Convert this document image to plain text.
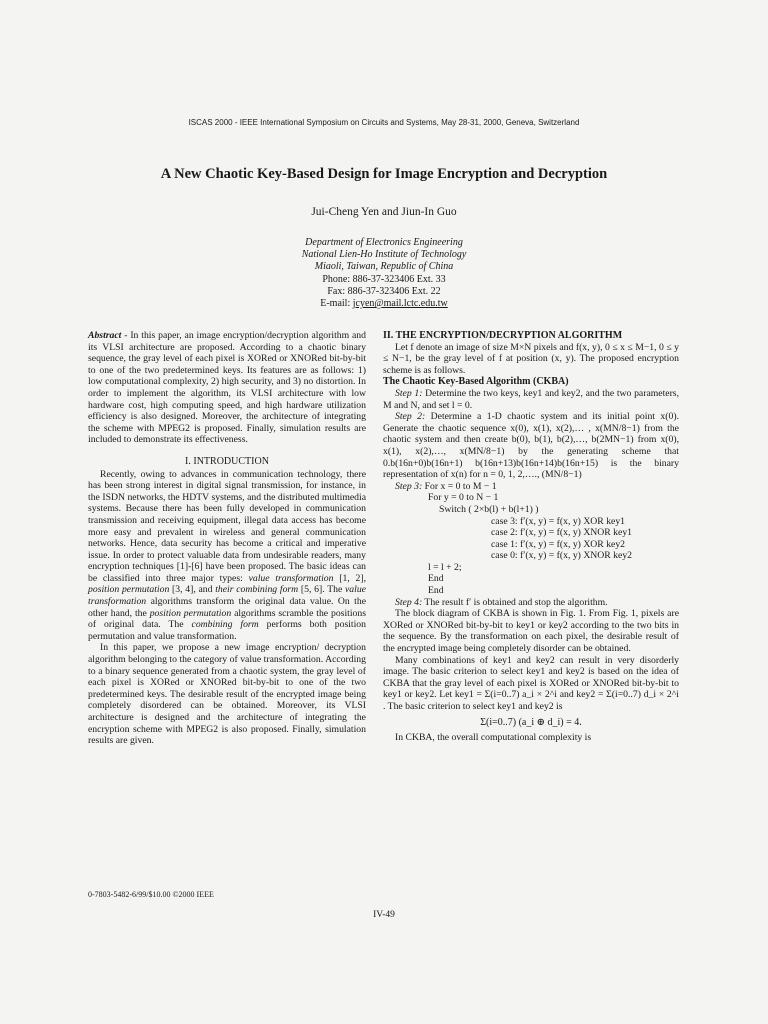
ISCAS 2000 - IEEE International Symposium on Circuits and Systems, May 28-31, 2000, Geneva, Switzerland
A New Chaotic Key-Based Design for Image Encryption and Decryption
Jui-Cheng Yen and Jiun-In Guo
Department of Electronics Engineering
National Lien-Ho Institute of Technology
Miaoli, Taiwan, Republic of China
Phone: 886-37-323406 Ext. 33
Fax: 886-37-323406 Ext. 22
E-mail: jcyen@mail.lctc.edu.tw

Abstract - In this paper, an image encryption/decryption algorithm and its VLSI architecture are proposed. According to a chaotic binary sequence, the gray level of each pixel is XORed or XNORed bit-by-bit to one of the two predetermined keys. Its features are as follows: 1) low computational complexity, 2) high security, and 3) no distortion. In order to implement the algorithm, its VLSI architecture with low hardware cost, high computing speed, and high hardware utilization efficiency is also designed. Moreover, the architecture of integrating the scheme with MPEG2 is proposed. Finally, simulation results are included to demonstrate its effectiveness.

I. INTRODUCTION

Recently, owing to advances in communication technology, there has been strong interest in digital signal transmission, for instance, in the ISDN networks, the HDTV systems, and the distributed multimedia systems. Because there has been fully developed in communication transmission and receiving equipment, illegal data access has become more easy and prevalent in wireless and general communication networks. Hence, data security has become a critical and imperative issue. In order to protect valuable data from undesirable readers, many encryption techniques [1]-[6] have been proposed. The basic ideas can be classified into three major types: value transformation [1, 2], position permutation [3, 4], and their combining form [5, 6]. The value transformation algorithms transform the original data value. On the other hand, the position permutation algorithms scramble the positions of original data. The combining form performs both position permutation and value transformation.

In this paper, we propose a new image encryption/ decryption algorithm belonging to the category of value transformation. According to a binary sequence generated from a chaotic system, the gray level of each pixel is XORed or XNORed bit-by-bit to one of the two predetermined keys. The desirable result of the encrypted image being completely disordered can be obtained. Moreover, its VLSI architecture is designed and the architecture of integrating the encryption scheme with MPEG2 is also proposed. Finally, simulation results are given.

II. THE ENCRYPTION/DECRYPTION ALGORITHM

Let f denote an image of size M×N pixels and f(x, y), 0 ≤ x ≤ M−1, 0 ≤ y ≤ N−1, be the gray level of f at position (x, y). The proposed encryption scheme is as follows.

The Chaotic Key-Based Algorithm (CKBA)

Step 1: Determine the two keys, key1 and key2, and the two parameters, M and N, and set l = 0.

Step 2: Determine a 1-D chaotic system and its initial point x(0). Generate the chaotic sequence x(0), x(1), x(2),… , x(MN/8−1) from the chaotic system and then create b(0), b(1), b(2),…, b(2MN−1) from x(0), x(1), x(2),…, x(MN/8−1) by the generating scheme that 0.b(16n+0)b(16n+1) b(16n+13)b(16n+14)b(16n+15) is the binary representation of x(n) for n = 0, 1, 2,…., (MN/8−1)

Step 3: For x = 0 to M − 1
For y = 0 to N − 1
Switch ( 2×b(l) + b(l+1) )
case 3: f′(x, y) = f(x, y) XOR key1
case 2: f′(x, y) = f(x, y) XNOR key1
case 1: f′(x, y) = f(x, y) XOR key2
case 0: f′(x, y) = f(x, y) XNOR key2
l = l + 2;
End
End

Step 4: The result f′ is obtained and stop the algorithm.

The block diagram of CKBA is shown in Fig. 1. From Fig. 1, pixels are XORed or XNORed bit-by-bit to key1 or key2 according to the two bits in the sequence. By the transformation on each pixel, the desirable result of the encrypted image being completely disorder can be obtained.

Many combinations of key1 and key2 can result in very disorderly image. The basic criterion to select key1 and key2 is based on the idea of CKBA that the gray level of each pixel is XORed or XNORed bit-by-bit to key1 or key2. Let key1 = Σ(i=0..7) a_i × 2^i and key2 = Σ(i=0..7) d_i × 2^i . The basic criterion to select key1 and key2 is

Σ(i=0..7) (a_i ⊕ d_i) = 4.

In CKBA, the overall computational complexity is

0-7803-5482-6/99/$10.00 ©2000 IEEE
IV-49
